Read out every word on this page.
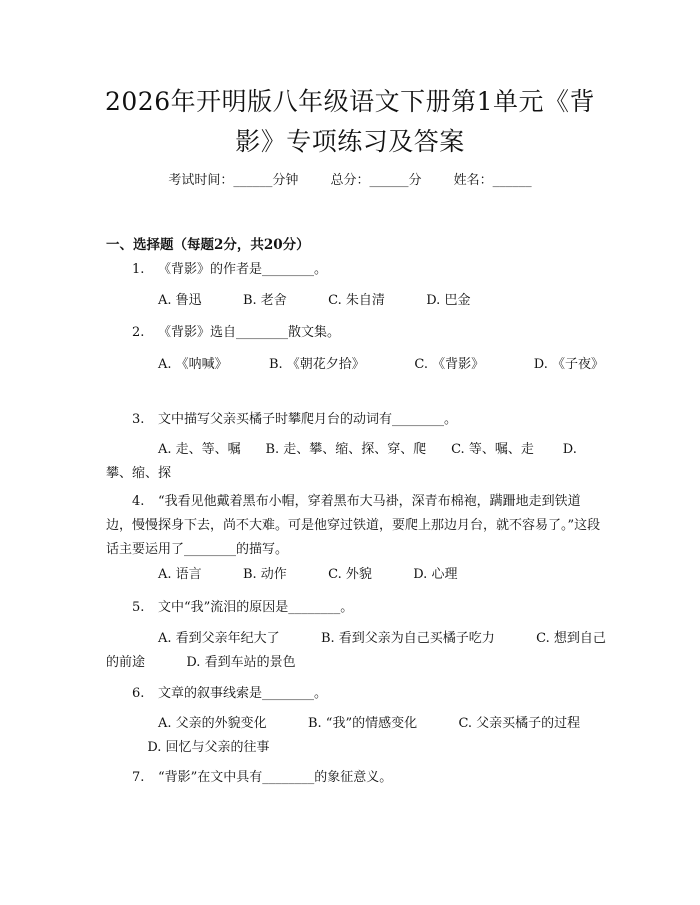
2026年开明版八年级语文下册第1单元《背
影》专项练习及答案
考试时间：______分钟 总分：______分 姓名：______
一、选择题（每题2分，共20分）
1. 《背影》的作者是________。
A. 鲁迅	B. 老舍	C. 朱自清	D. 巴金
2. 《背影》选自________散文集。
A. 《呐喊》	B. 《朝花夕拾》	C. 《背影》	D. 《子夜》
3. 文中描写父亲买橘子时攀爬月台的动词有________。
A. 走、等、嘱 B. 走、攀、缩、探、穿、爬 C. 等、嘱、走 D. 攀、缩、探
4. “我看见他戴着黑布小帽，穿着黑布大马褂，深青布棉袍，蹒跚地走到铁道边，慢慢探身下去，尚不大难。可是他穿过铁道，要爬上那边月台，就不容易了。”这段话主要运用了________的描写。
A. 语言	B. 动作	C. 外貌	D. 心理
5. 文中“我”流泪的原因是________。
A. 看到父亲年纪大了	B. 看到父亲为自己买橘子吃力	C. 想到自己的前途	D. 看到车站的景色
6. 文章的叙事线索是________。
A. 父亲的外貌变化	B. “我”的情感变化	C. 父亲买橘子的过程          D. 回忆与父亲的往事
7. “背影”在文中具有________的象征意义。
